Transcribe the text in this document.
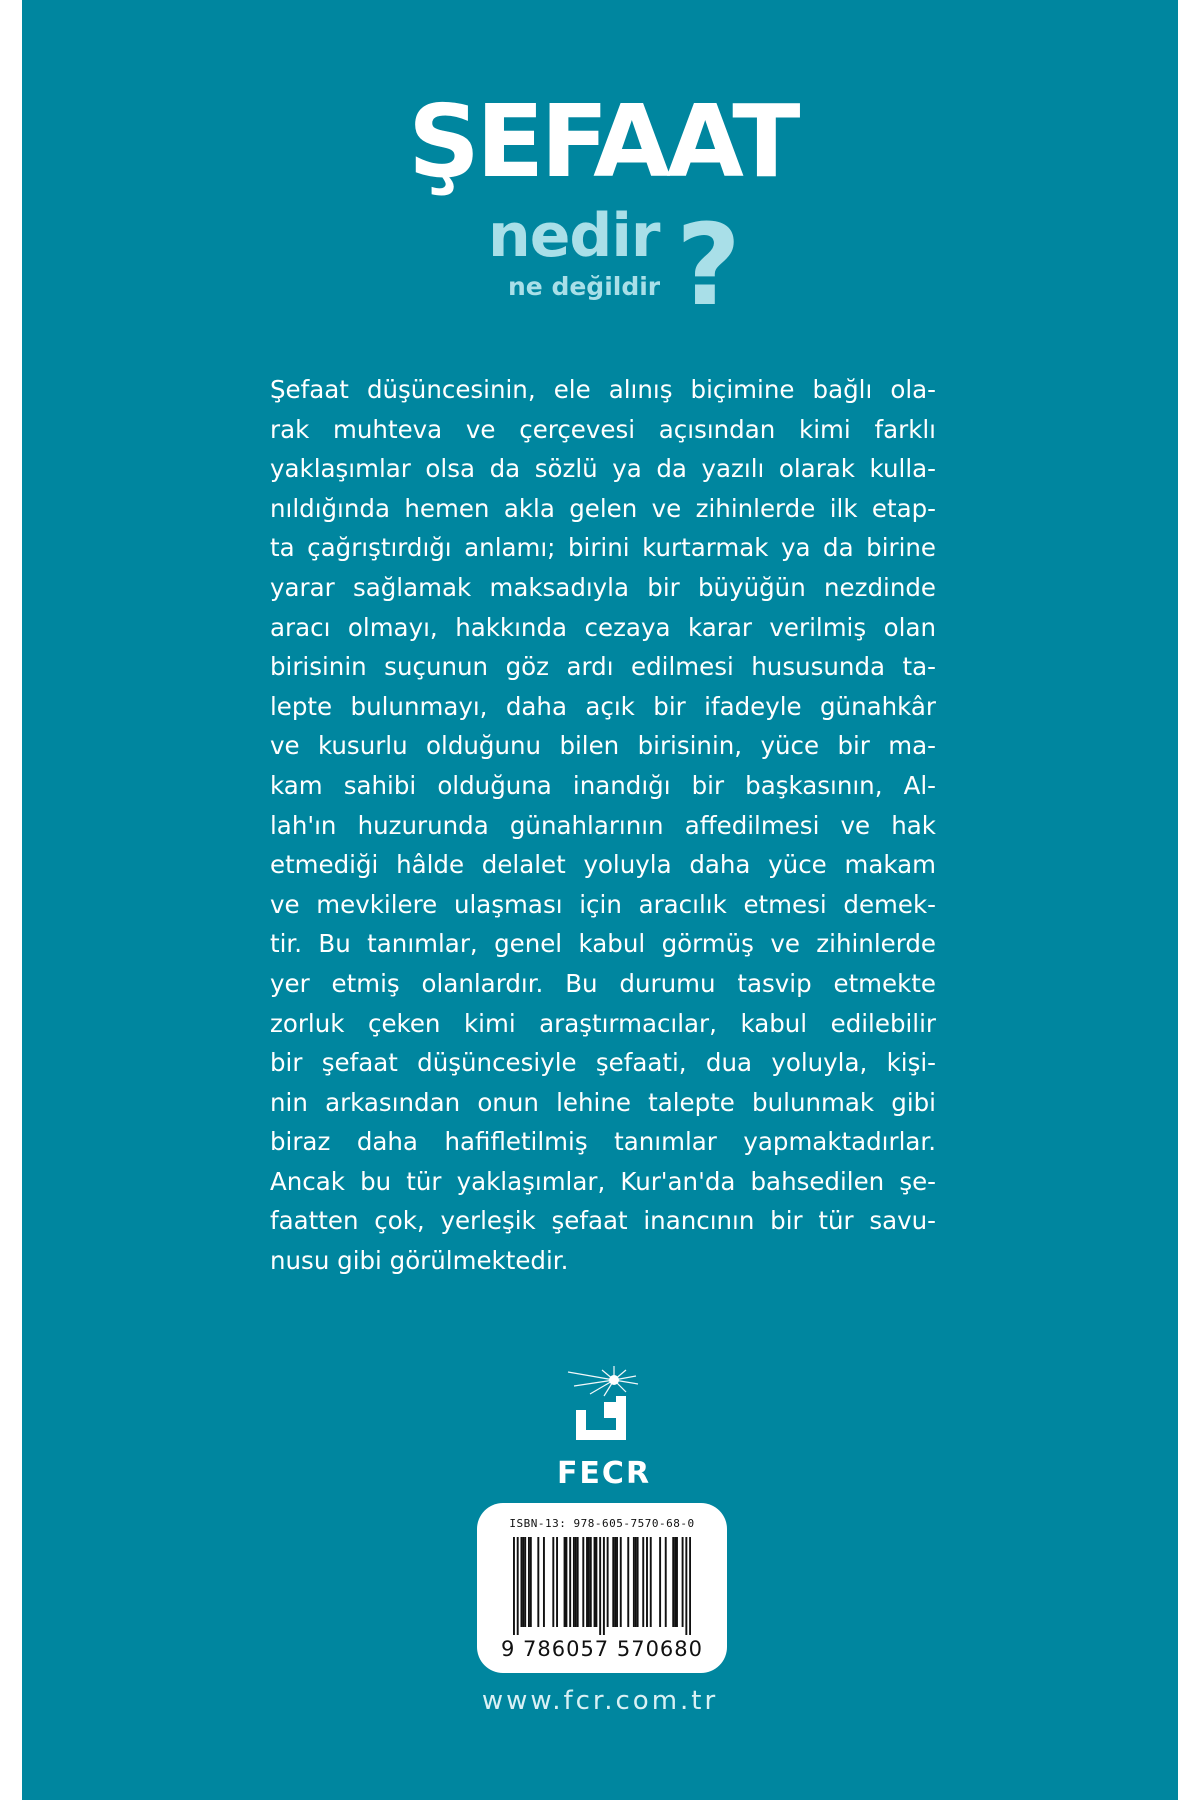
ŞEFAAT
nedir
ne değildir ?

Şefaat düşüncesinin, ele alınış biçimine bağlı ola-

rak muhteva ve çerçevesi açısından kimi farklı

yaklaşımlar olsa da sözlü ya da yazılı olarak kulla-

nıldığında hemen akla gelen ve zihinlerde ilk etap-

ta çağrıştırdığı anlamı; birini kurtarmak ya da birine

yarar sağlamak maksadıyla bir büyüğün nezdinde

aracı olmayı, hakkında cezaya karar verilmiş olan

birisinin suçunun göz ardı edilmesi hususunda ta-

lepte bulunmayı, daha açık bir ifadeyle günahkâr

ve kusurlu olduğunu bilen birisinin, yüce bir ma-

kam sahibi olduğuna inandığı bir başkasının, Al-

lah'ın huzurunda günahlarının affedilmesi ve hak

etmediği hâlde delalet yoluyla daha yüce makam

ve mevkilere ulaşması için aracılık etmesi demek-

tir. Bu tanımlar, genel kabul görmüş ve zihinlerde

yer etmiş olanlardır. Bu durumu tasvip etmekte

zorluk çeken kimi araştırmacılar, kabul edilebilir

bir şefaat düşüncesiyle şefaati, dua yoluyla, kişi-

nin arkasından onun lehine talepte bulunmak gibi

biraz daha hafifletilmiş tanımlar yapmaktadırlar.

Ancak bu tür yaklaşımlar, Kur'an'da bahsedilen şe-

faatten çok, yerleşik şefaat inancının bir tür savu-

nusu gibi görülmektedir.

FECR
ISBN-13: 978-605-7570-68-0
9 786057 570680
www.fcr.com.tr
